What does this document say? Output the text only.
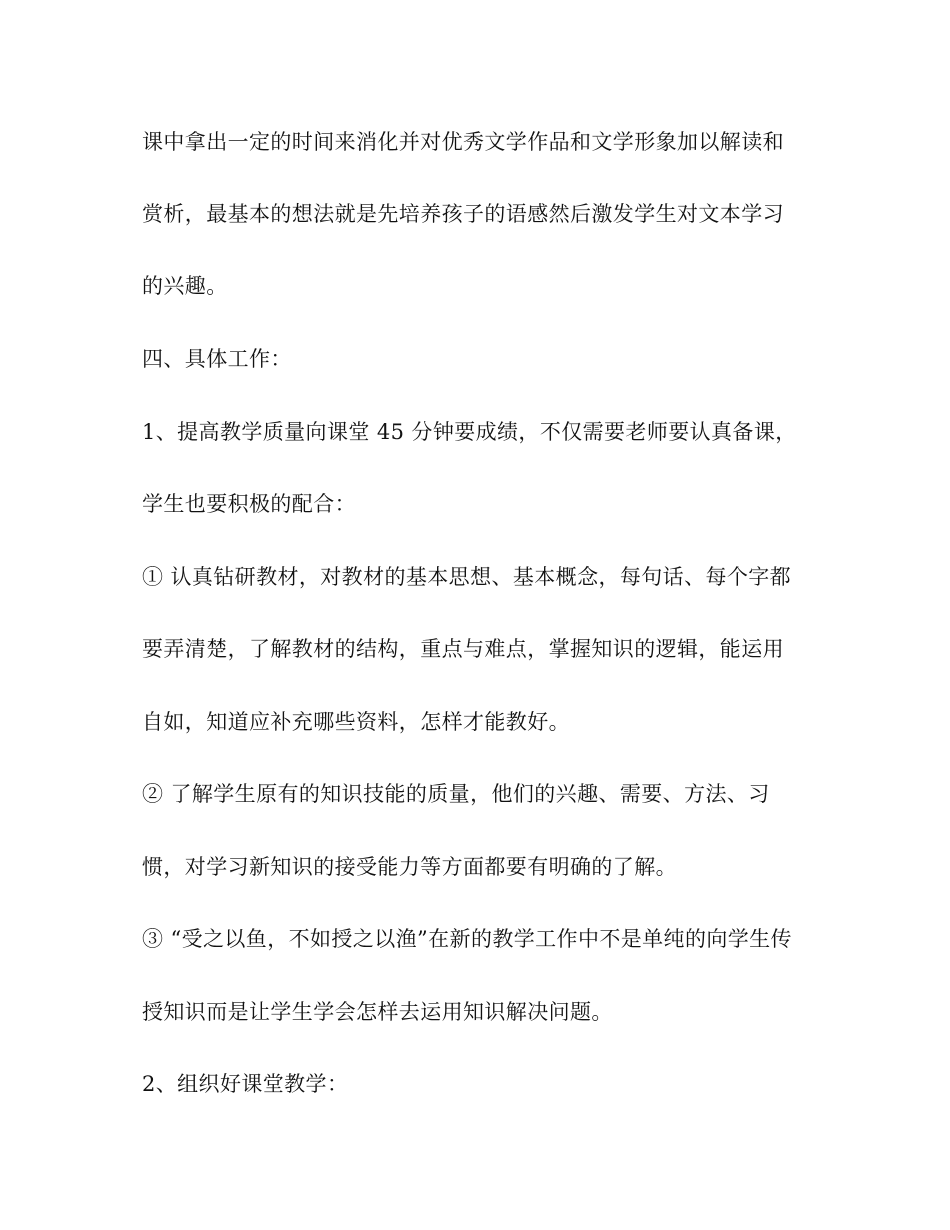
课中拿出一定的时间来消化并对优秀文学作品和文学形象加以解读和
赏析，最基本的想法就是先培养孩子的语感然后激发学生对文本学习
的兴趣。
四、具体工作：
1、提高教学质量向课堂 45 分钟要成绩，不仅需要老师要认真备课，
学生也要积极的配合：
① 认真钻研教材，对教材的基本思想、基本概念，每句话、每个字都
要弄清楚，了解教材的结构，重点与难点，掌握知识的逻辑，能运用
自如，知道应补充哪些资料，怎样才能教好。
② 了解学生原有的知识技能的质量，他们的兴趣、需要、方法、习
惯，对学习新知识的接受能力等方面都要有明确的了解。
③ “受之以鱼，不如授之以渔”在新的教学工作中不是单纯的向学生传
授知识而是让学生学会怎样去运用知识解决问题。
2、组织好课堂教学：
